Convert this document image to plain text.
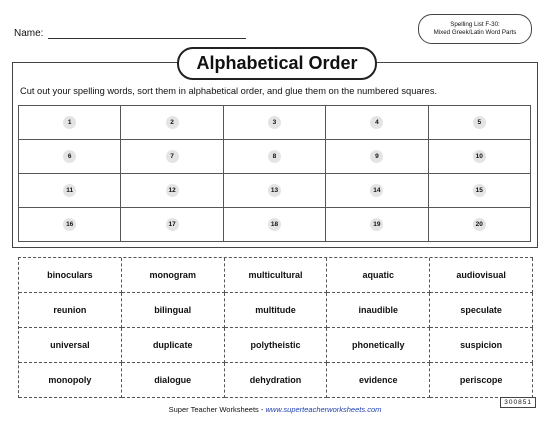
Name:
Spelling List F-30:
Mixed Greek/Latin Word Parts
Alphabetical Order
Cut out your spelling words, sort them in alphabetical order, and glue them on the numbered squares.
1	2	3	4	5
6	7	8	9	10
11	12	13	14	15
16	17	18	19	20
binoculars	monogram	multicultural	aquatic	audiovisual
reunion	bilingual	multitude	inaudible	speculate
universal	duplicate	polytheistic	phonetically	suspicion
monopoly	dialogue	dehydration	evidence	periscope
300851
Super Teacher Worksheets - www.superteacherworksheets.com
